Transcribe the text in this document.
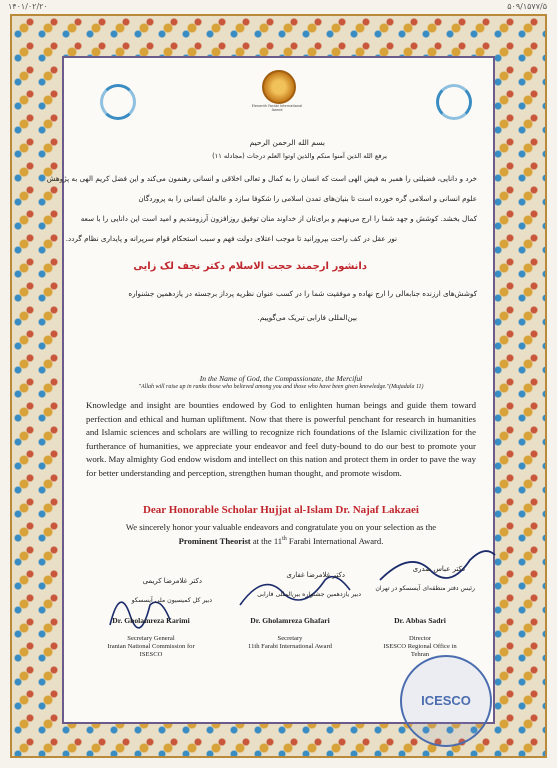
۱۴۰۱/۰۲/۲۰	۵۰۹/۱۵۷۷/۵
Eleventh Farabi International Award
بسم الله الرحمن الرحیم
یرفع الله الذین آمنوا منکم والذین اوتوا العلم درجات (مجادله ۱۱)
خرد و دانایی، فضیلتی را همبر به فیض الهی است که انسان را به کمال و تعالی اخلاقی و انسانی رهنمون می‌کند و این فضل کریم الهی به پژوهش
علوم انسانی و اسلامی گره خورده است تا بنیان‌های تمدن اسلامی را شکوفا سازد و عالمان انسانی را به پروردگان
کمال بخشد. کوشش و جهد شما را ارج می‌نهیم و برای‌تان از خداوند منان توفیق روزافزون آرزومندیم و امید است این دانایی را با سعه
نور عقل در کف راحت بپرورانید تا موجب اعتلای دولت فهم و سبب استحکام قوام سرپرانه و پایداری نظام گردد.
دانشور ارجمند حجت الاسلام دکتر نجف لک زایی
کوشش‌های ارزنده جنابعالی را ارج نهاده و موفقیت شما را در کسب عنوان نظریه پرداز برجسته در یازدهمین جشنواره
بین‌المللی فارابی تبریک می‌گوییم.
In the Name of God, the Compassionate, the Merciful
"Allah will raise up in ranks those who believed among you and those who have been given knowledge."(Mujadala 11)
Knowledge and insight are bounties endowed by God to enlighten human beings and guide them toward perfection and ethical and human upliftment. Now that there is powerful penchant for research in humanities and Islamic sciences and scholars are willing to recognize rich foundations of the Islamic civilization for the furtherance of humanities, we appreciate your endeavor and feel duty-bound to do our best to promote your work. May almighty God endow wisdom and intellect on this nation and protect them in order to pave the way for better understanding and perception, strengthen human thought, and promote wisdom.
Dear Honorable Scholar Hujjat al-Islam Dr. Najaf Lakzaei
We sincerely honor your valuable endeavors and congratulate you on your selection as the
Prominent Theorist at the 11th Farabi International Award.
دکتر غلامرضا کریمی
دبیر کل کمیسیون ملی آیسسکو
دکتر غلامرضا غفاری
دبیر یازدهمین جشنواره بین‌المللی فارابی
دکتر عباس صدری
رئیس دفتر منطقه‌ای آیسسکو در تهران
Dr. Gholamreza Karimi
Secretary General
Iranian National Commission for
ISESCO
Dr. Gholamreza Ghafari
Secretary
11th Farabi International Award
Dr. Abbas Sadri
Director
ISESCO Regional Office in
Tehran
ICESCO
